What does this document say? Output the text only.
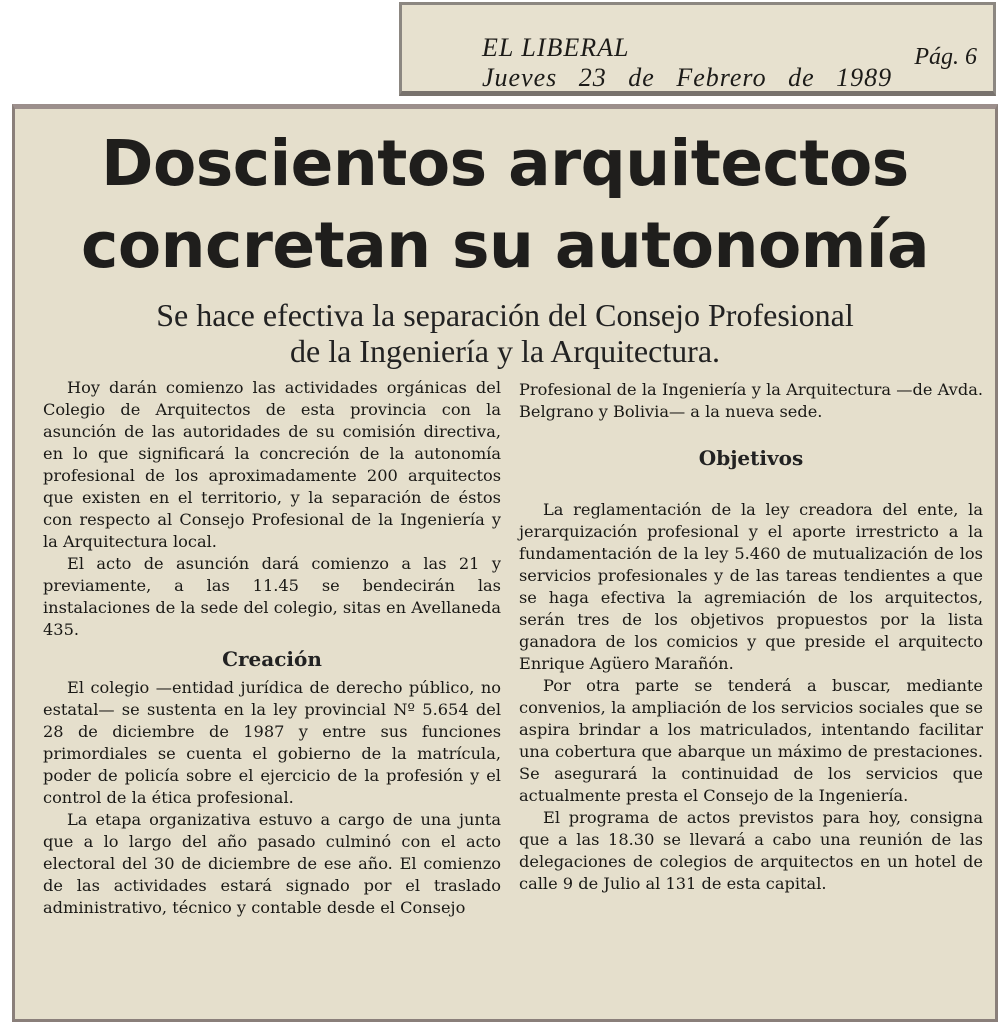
EL LIBERAL
Jueves 23 de Febrero de 1989
Pág. 6
Doscientos arquitectos
concretan su autonomía
Se hace efectiva la separación del Consejo Profesional
de la Ingeniería y la Arquitectura.

Hoy darán comienzo las actividades orgánicas del Colegio de Arquitectos de esta provincia con la asunción de las autoridades de su comisión directiva, en lo que significará la concreción de la autonomía profesional de los aproximadamente 200 arquitectos que existen en el territorio, y la separación de éstos con respecto al Consejo Profesional de la Ingeniería y la Arquitectura local.

El acto de asunción dará comienzo a las 21 y previamente, a las 11.45 se bendecirán las instalaciones de la sede del colegio, sitas en Avellaneda 435.

Creación

El colegio —entidad jurídica de derecho público, no estatal— se sustenta en la ley provincial Nº 5.654 del 28 de diciembre de 1987 y entre sus funciones primordiales se cuenta el gobierno de la matrícula, poder de policía sobre el ejercicio de la profesión y el control de la ética profesional.

La etapa organizativa estuvo a cargo de una junta que a lo largo del año pasado culminó con el acto electoral del 30 de diciembre de ese año. El comienzo de las actividades estará signado por el traslado administrativo, técnico y contable desde el Consejo

Profesional de la Ingeniería y la Arquitectura —de Avda. Belgrano y Bolivia— a la nueva sede.

Objetivos

La reglamentación de la ley creadora del ente, la jerarquización profesional y el aporte irrestricto a la fundamentación de la ley 5.460 de mutualización de los servicios profesionales y de las tareas tendientes a que se haga efectiva la agremiación de los arquitectos, serán tres de los objetivos propuestos por la lista ganadora de los comicios y que preside el arquitecto Enrique Agüero Marañón.

Por otra parte se tenderá a buscar, mediante convenios, la ampliación de los servicios sociales que se aspira brindar a los matriculados, intentando facilitar una cobertura que abarque un máximo de prestaciones. Se asegurará la continuidad de los servicios que actualmente presta el Consejo de la Ingeniería.

El programa de actos previstos para hoy, consigna que a las 18.30 se llevará a cabo una reunión de las delegaciones de colegios de arquitectos en un hotel de calle 9 de Julio al 131 de esta capital.
